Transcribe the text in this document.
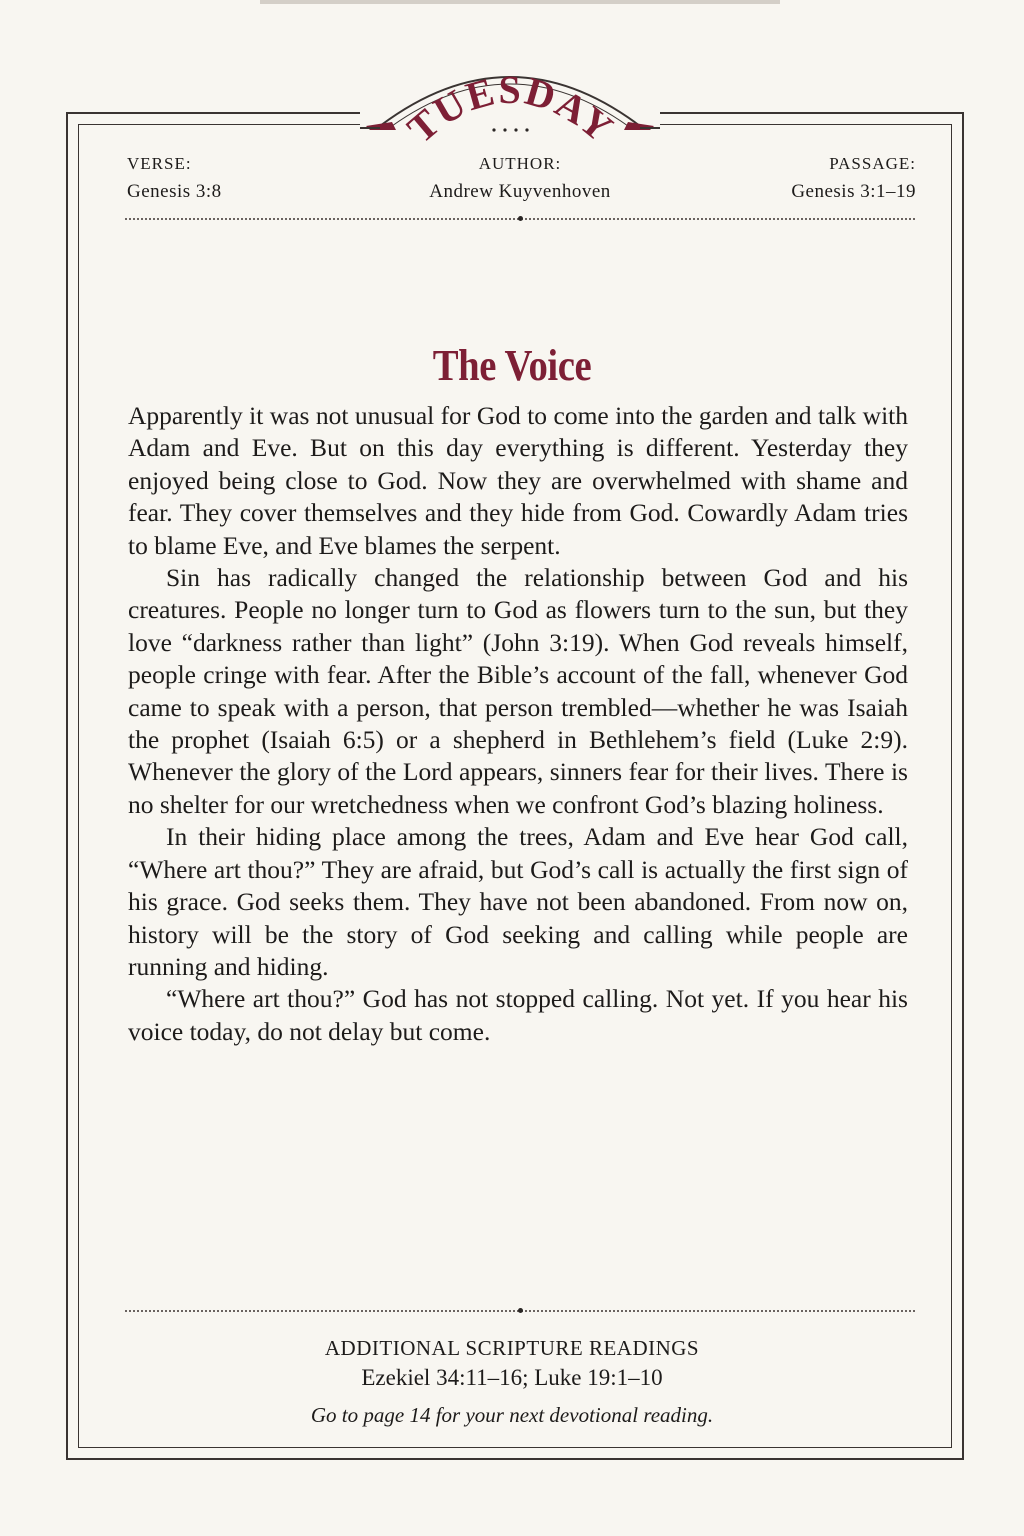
TUESDAY
VERSE:
Genesis 3:8
AUTHOR:
Andrew Kuyvenhoven
PASSAGE:
Genesis 3:1–19
The Voice

Apparently it was not unusual for God to come into the garden and talk with Adam and Eve. But on this day everything is different. Yesterday they enjoyed being close to God. Now they are overwhelmed with shame and fear. They cover themselves and they hide from God. Cowardly Adam tries to blame Eve, and Eve blames the serpent.

Sin has radically changed the relationship between God and his creatures. People no longer turn to God as flowers turn to the sun, but they love “darkness rather than light” (John 3:19). When God reveals himself, people cringe with fear. After the Bible’s account of the fall, whenever God came to speak with a person, that person trembled—whether he was Isaiah the prophet (Isaiah 6:5) or a shepherd in Bethlehem’s field (Luke 2:9). Whenever the glory of the Lord appears, sinners fear for their lives. There is no shelter for our wretchedness when we confront God’s blazing holiness.

In their hiding place among the trees, Adam and Eve hear God call, “Where art thou?” They are afraid, but God’s call is actually the first sign of his grace. God seeks them. They have not been abandoned. From now on, history will be the story of God seeking and calling while people are running and hiding.

“Where art thou?” God has not stopped calling. Not yet. If you hear his voice today, do not delay but come.

ADDITIONAL SCRIPTURE READINGS
Ezekiel 34:11–16; Luke 19:1–10
Go to page 14 for your next devotional reading.
